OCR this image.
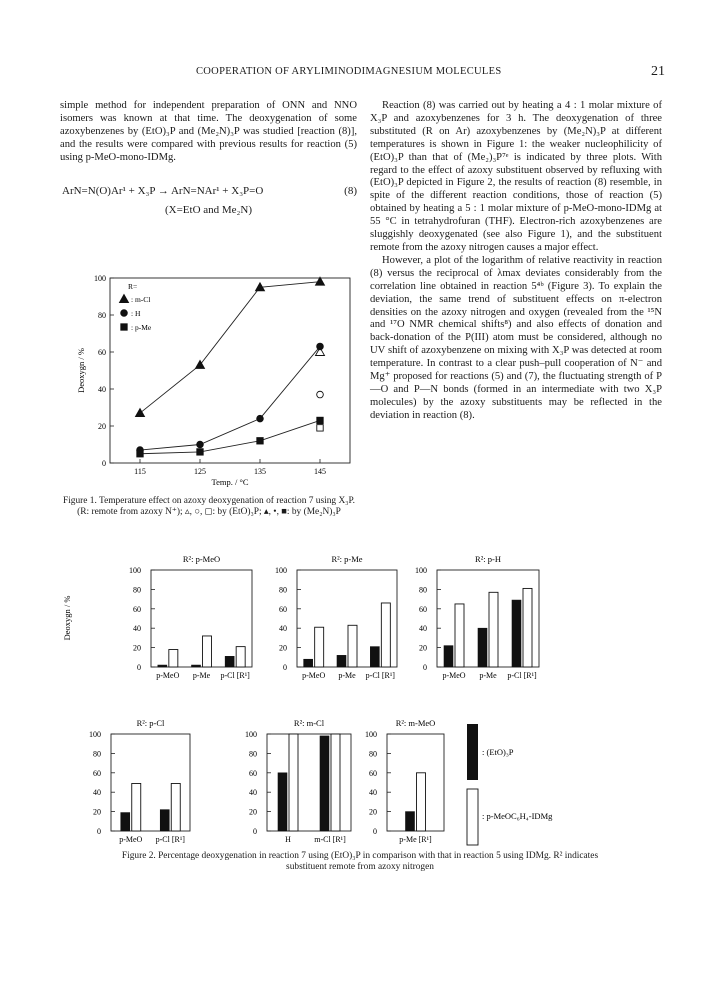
COOPERATION OF ARYLIMINODIMAGNESIUM MOLECULES	21

simple method for independent preparation of ONN and NNO isomers was known at that time. The deoxygenation of some azoxybenzenes by (EtO)₃P and (Me₂N)₃P was studied [reaction (8)], and the results were compared with previous results for reaction (5) using p-MeO-mono-IDMg.

ArN=N(O)Ar¹ + X₃P → ArN=NAr¹ + X₃P=O	(8)
(X=EtO and Me₂N)
0
20
40
60
80
100
115	125	135	145
Temp. / °C
Deoxygn / %
R=
: m-Cl
: H
: p-Me
Figure 1. Temperature effect on azoxy deoxygenation of reaction 7 using X₃P. (R: remote from azoxy N⁺); ▵, ○, ◻: by (EtO)₃P; ▴, •, ■: by (Me₂N)₃P

Reaction (8) was carried out by heating a 4 : 1 molar mixture of X₃P and azoxybenzenes for 3 h. The deoxygenation of three substituted (R on Ar) azoxybenzenes by (Me₂N)₃P at different temperatures is shown in Figure 1: the weaker nucleophilicity of (EtO)₃P than that of (Me₂)₃P⁷ᵉ is indicated by three plots. With regard to the effect of azoxy substituent observed by refluxing with (EtO)₃P depicted in Figure 2, the results of reaction (8) resemble, in spite of the different reaction conditions, those of reaction (5) obtained by heating a 5 : 1 molar mixture of p-MeO-mono-IDMg at 55 °C in tetrahydrofuran (THF). Electron-rich azoxybenzenes are sluggishly deoxygenated (see also Figure 1), and the substituent remote from the azoxy nitrogen causes a major effect.

However, a plot of the logarithm of relative reactivity in reaction (8) versus the reciprocal of λmax deviates considerably from the correlation line obtained in reaction 5⁴ᵇ (Figure 3). To explain the deviation, the same trend of substituent effects on π-electron densities on the azoxy nitrogen and oxygen (revealed from the ¹⁵N and ¹⁷O NMR chemical shifts⁸) and also effects of donation and back-donation of the P(III) atom must be considered, although no UV shift of azoxybenzene on mixing with X₃P was detected at room temperature. In contrast to a clear push–pull cooperation of N⁻ and Mg⁺ proposed for reactions (5) and (7), the fluctuating strength of P—O and P—N bonds (formed in an intermediate with two X₃P molecules) by the azoxy substituents may be reflected in the deviation in reaction (8).

R²: p-MeO
0
20
40
60
80
100
p-MeO p-Me p-Cl [R¹]
R²: p-Me
0
20
40
60
80
100
p-MeO p-Me p-Cl [R¹]
R²: p-H
0
20
40
60
80
100
p-MeO p-Me p-Cl [R¹]
R²: p-Cl
0
20
40
60
80
100
p-MeO p-Cl [R¹]
R²: m-Cl
0
20
40
60
80
100
H	m-Cl [R¹]
R²: m-MeO
0
20
40
60
80
100
p-Me [R¹]
Deoxygn / %
: (EtO)₃P
: p-MeOC₆H₄-IDMg
Figure 2. Percentage deoxygenation in reaction 7 using (EtO)₃P in comparison with that in reaction 5 using IDMg. R² indicates
substituent remote from azoxy nitrogen
